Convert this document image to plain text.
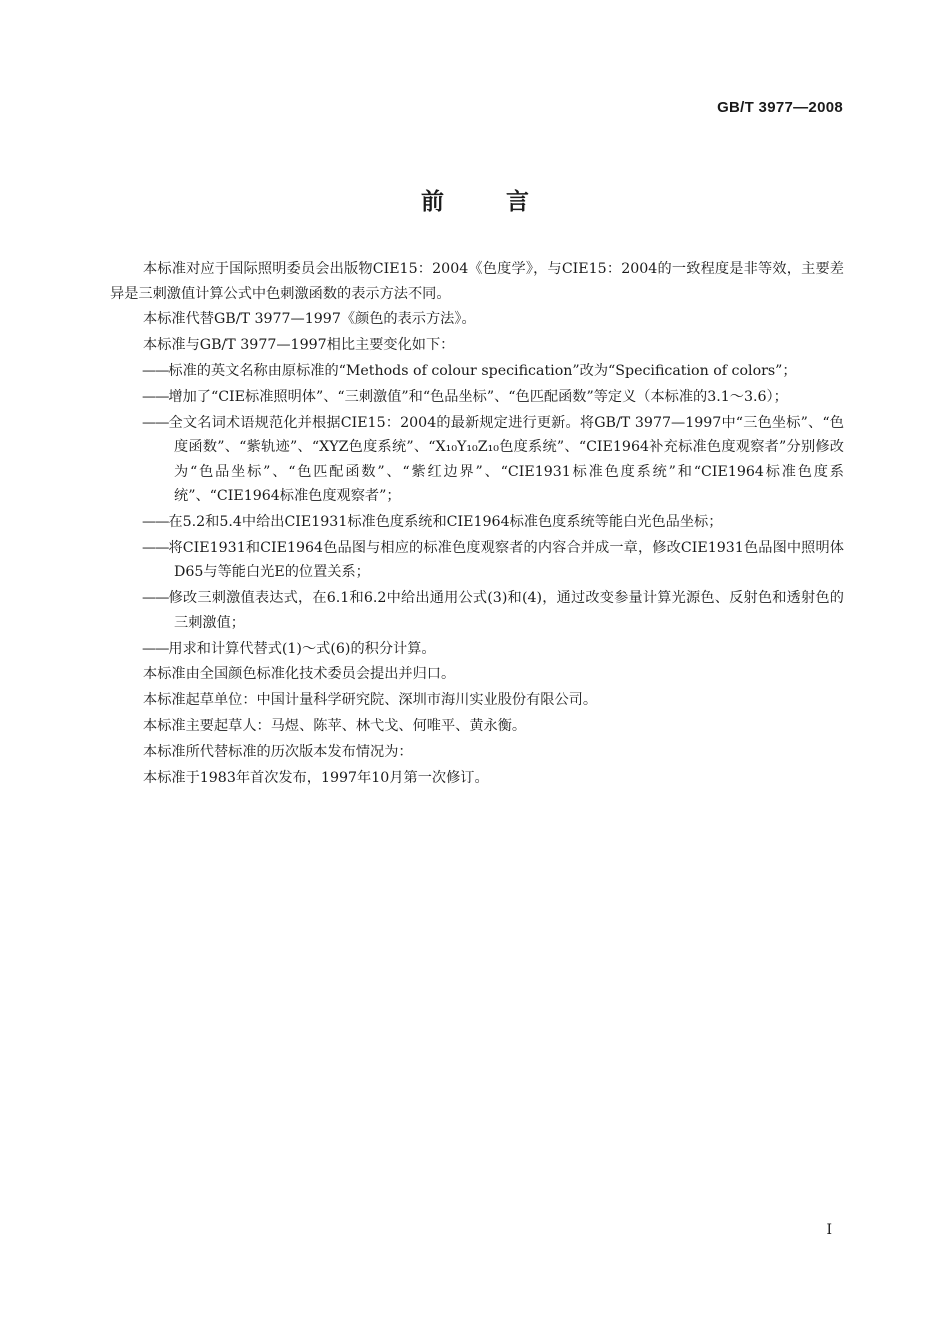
GB/T 3977—2008
前言

本标准对应于国际照明委员会出版物CIE15：2004《色度学》，与CIE15：2004的一致程度是非等效，主要差异是三刺激值计算公式中色刺激函数的表示方法不同。

本标准代替GB/T 3977—1997《颜色的表示方法》。

本标准与GB/T 3977—1997相比主要变化如下：

——标准的英文名称由原标准的“Methods of colour specification”改为“Specification of colors”；

——增加了“CIE标准照明体”、“三刺激值”和“色品坐标”、“色匹配函数”等定义（本标准的3.1～3.6）；

——全文名词术语规范化并根据CIE15：2004的最新规定进行更新。将GB/T 3977—1997中“三色坐标”、“色度函数”、“紫轨迹”、“XYZ色度系统”、“X₁₀Y₁₀Z₁₀色度系统”、“CIE1964补充标准色度观察者”分别修改为“色品坐标”、“色匹配函数”、“紫红边界”、“CIE1931标准色度系统”和“CIE1964标准色度系统”、“CIE1964标准色度观察者”；

——在5.2和5.4中给出CIE1931标准色度系统和CIE1964标准色度系统等能白光色品坐标；

——将CIE1931和CIE1964色品图与相应的标准色度观察者的内容合并成一章，修改CIE1931色品图中照明体D65与等能白光E的位置关系；

——修改三刺激值表达式，在6.1和6.2中给出通用公式(3)和(4)，通过改变参量计算光源色、反射色和透射色的三刺激值；

——用求和计算代替式(1)～式(6)的积分计算。

本标准由全国颜色标准化技术委员会提出并归口。

本标准起草单位：中国计量科学研究院、深圳市海川实业股份有限公司。

本标准主要起草人：马煜、陈苹、林弋戈、何唯平、黄永衡。

本标准所代替标准的历次版本发布情况为：

本标准于1983年首次发布，1997年10月第一次修订。

I
